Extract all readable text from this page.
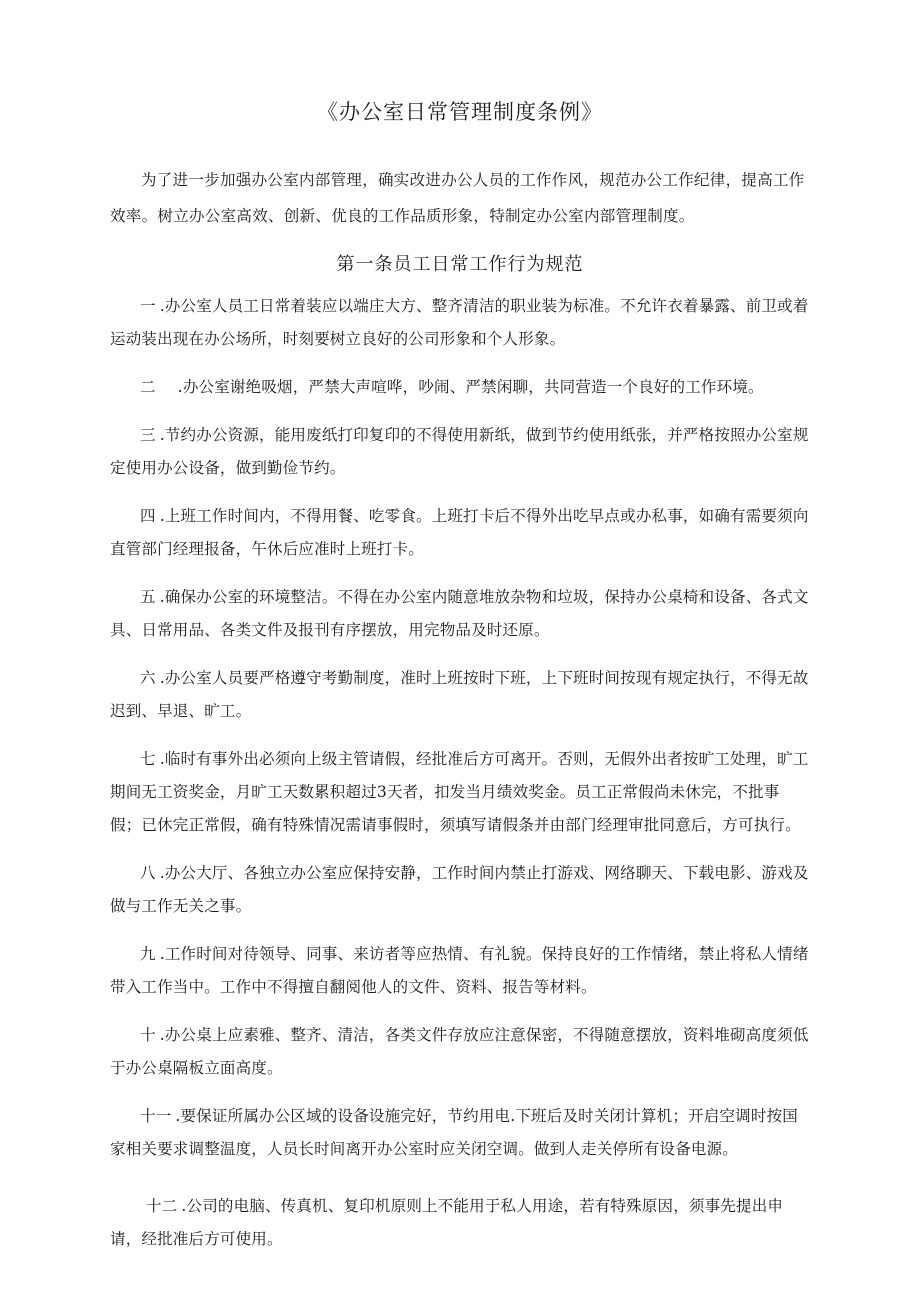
《办公室日常管理制度条例》

为了进一步加强办公室内部管理，确实改进办公人员的工作作风，规范办公工作纪律，提高工作效率。树立办公室高效、创新、优良的工作品质形象，特制定办公室内部管理制度。

第一条员工日常工作行为规范

一 .办公室人员工日常着装应以端庄大方、整齐清洁的职业装为标准。不允许衣着暴露、前卫或着运动装出现在办公场所，时刻要树立良好的公司形象和个人形象。

二 .办公室谢绝吸烟，严禁大声喧哗，吵闹、严禁闲聊，共同营造一个良好的工作环境。

三 .节约办公资源，能用废纸打印复印的不得使用新纸，做到节约使用纸张，并严格按照办公室规定使用办公设备，做到勤俭节约。

四 .上班工作时间内，不得用餐、吃零食。上班打卡后不得外出吃早点或办私事，如确有需要须向直管部门经理报备，午休后应准时上班打卡。

五 .确保办公室的环境整洁。不得在办公室内随意堆放杂物和垃圾，保持办公桌椅和设备、各式文具、日常用品、各类文件及报刊有序摆放，用完物品及时还原。

六 .办公室人员要严格遵守考勤制度，准时上班按时下班，上下班时间按现有规定执行，不得无故迟到、早退、旷工。

七 .临时有事外出必须向上级主管请假，经批准后方可离开。否则，无假外出者按旷工处理，旷工期间无工资奖金，月旷工天数累积超过3天者，扣发当月绩效奖金。员工正常假尚未休完，不批事假；已休完正常假，确有特殊情况需请事假时，须填写请假条并由部门经理审批同意后，方可执行。

八 .办公大厅、各独立办公室应保持安静，工作时间内禁止打游戏、网络聊天、下载电影、游戏及做与工作无关之事。

九 .工作时间对待领导、同事、来访者等应热情、有礼貌。保持良好的工作情绪，禁止将私人情绪带入工作当中。工作中不得擅自翻阅他人的文件、资料、报告等材料。

十 .办公桌上应素雅、整齐、清洁，各类文件存放应注意保密，不得随意摆放，资料堆砌高度须低于办公桌隔板立面高度。

十一 .要保证所属办公区域的设备设施完好，节约用电.下班后及时关闭计算机；开启空调时按国家相关要求调整温度，人员长时间离开办公室时应关闭空调。做到人走关停所有设备电源。

十二 .公司的电脑、传真机、复印机原则上不能用于私人用途，若有特殊原因，须事先提出申请，经批准后方可使用。
